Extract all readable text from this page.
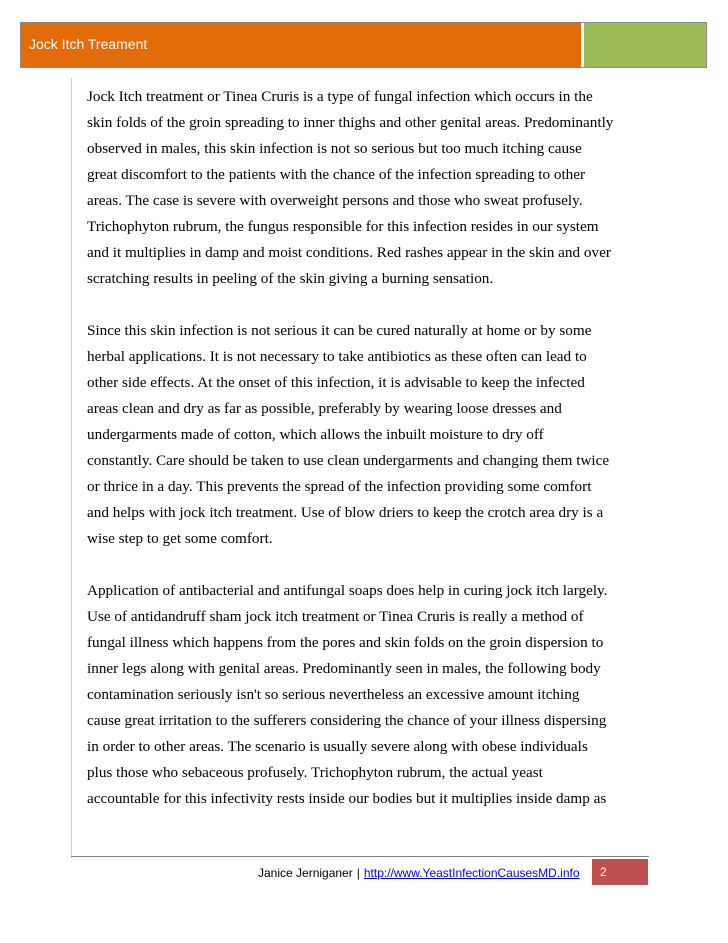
Jock Itch Treament

Jock Itch treatment or Tinea Cruris is a type of fungal infection which occurs in the
skin folds of the groin spreading to inner thighs and other genital areas. Predominantly
observed in males, this skin infection is not so serious but too much itching cause
great discomfort to the patients with the chance of the infection spreading to other
areas. The case is severe with overweight persons and those who sweat profusely.
Trichophyton rubrum, the fungus responsible for this infection resides in our system
and it multiplies in damp and moist conditions. Red rashes appear in the skin and over
scratching results in peeling of the skin giving a burning sensation.

Since this skin infection is not serious it can be cured naturally at home or by some
herbal applications. It is not necessary to take antibiotics as these often can lead to
other side effects. At the onset of this infection, it is advisable to keep the infected
areas clean and dry as far as possible, preferably by wearing loose dresses and
undergarments made of cotton, which allows the inbuilt moisture to dry off
constantly. Care should be taken to use clean undergarments and changing them twice
or thrice in a day. This prevents the spread of the infection providing some comfort
and helps with jock itch treatment. Use of blow driers to keep the crotch area dry is a
wise step to get some comfort.

Application of antibacterial and antifungal soaps does help in curing jock itch largely.
Use of antidandruff sham jock itch treatment or Tinea Cruris is really a method of
fungal illness which happens from the pores and skin folds on the groin dispersion to
inner legs along with genital areas. Predominantly seen in males, the following body
contamination seriously isn't so serious nevertheless an excessive amount itching
cause great irritation to the sufferers considering the chance of your illness dispersing
in order to other areas. The scenario is usually severe along with obese individuals
plus those who sebaceous profusely. Trichophyton rubrum, the actual yeast
accountable for this infectivity rests inside our bodies but it multiplies inside damp as

Janice Jerniganer | http://www.YeastInfectionCausesMD.info	2
